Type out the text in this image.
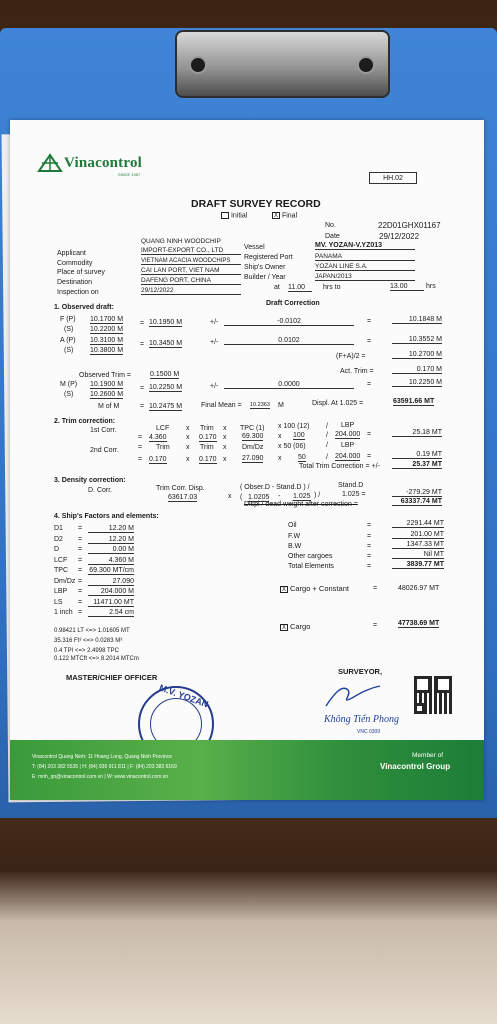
Vinacontrol
SINCE 1957
HH.02
DRAFT SURVEY RECORD
Initial	X Final
No.	22D01GHX01167
Date	29/12/2022
Applicant
QUANG NINH WOODCHIP
IMPORT-EXPORT CO., LTD
Commodity	VIETNAM ACACIA WOODCHIPS
Place of survey	CAI LAN PORT, VIET NAM
Destination	DAFENG PORT, CHINA
Inspection on	29/12/2022
Vessel	MV. YOZAN-V.YZ013
Registered Port	PANAMA
Ship's Owner	YOZAN LINE S.A.
Builder / Year	JAPAN/2013
at 11.00	hrs to	13.00	hrs
1. Observed draft:
Draft Correction
F (P) 10.1700 M
(S) 10.2200 M
= 10.1950 M	+/-	-0.0102	=	10.1848 M
A (P) 10.3100 M
(S) 10.3800 M
= 10.3450 M	+/-	0.0102	=	10.3552 M
(F+A)/2 =	10.2700 M
Observed Trim =	0.1500 M	Act. Trim =	0.170 M
M (P) 10.1900 M
(S) 10.2600 M
= 10.2250 M	+/-	0.0000	=	10.2250 M
M of M	= 10.2475 M	Final Mean = 10.2363 M	Displ. At 1.025 =	63591.66 MT
2. Trim correction:
1st Corr.	LCF x Trim x TPC (1) x 100 (12) / LBP
= 4.360	x 0.170 x 69.300 x 100	/ 204.000 =	25.18 MT
2nd Corr.	= Trim x Trim x Dm/Dz x 50 (06)	/ LBP
= 0.170	x 0.170 x 27.090 x 50	/ 204.000 =	0.19 MT
Total Trim Correction = +/-	25.37 MT
3. Density correction:
D. Corr.	Trim Corr. Disp.
63617.03	x
( Obser.D - Stand.D ) /
( 1.0205 - 1.025 ) /
Stand.D
1.025 =	-279.29 MT
Displ / dead weight after correction =	63337.74 MT
4. Ship's Factors and elements:
D1 =	12.20 M
D2 =	12.20 M
D	=	0.00 M
LCF =	4.360 M
TPC = 69.300 MT/cm
Dm/Dz =	27.090
LBP =	204.000 M
LS =	11471.00 MT
1 inch =	2.54 cm
0.98421 LT <=> 1.01605 MT
35.316 Ft³ <=> 0.0283 M³
0.4 TPI <=> 2.4998 TPC
0.122 MTCft <=> 8.2014 MTCm
Oil	=	2291.44 MT
F.W	=	201.00 MT
B.W	=	1347.33 MT
Other cargoes	=	Nil MT
Total Elements	=	3839.77 MT
X Cargo + Constant	=	48026.97 MT
X Cargo	=	47738.69 MT
MASTER/CHIEF OFFICER
SURVEYOR,
Không Tiến Phong
VNC 0309
M.V. YOZAN
Vinacontrol Quang Ninh: 11 Hoang Long, Quang Ninh Province
T: (84) 203 382 5535 | H: (84) 936 911 811 | F: (84) 203 382 6169
E: mnh_qn@vinacontrol.com.vn | W: www.vinacontrol.com.vn
Member of
Vinacontrol Group
